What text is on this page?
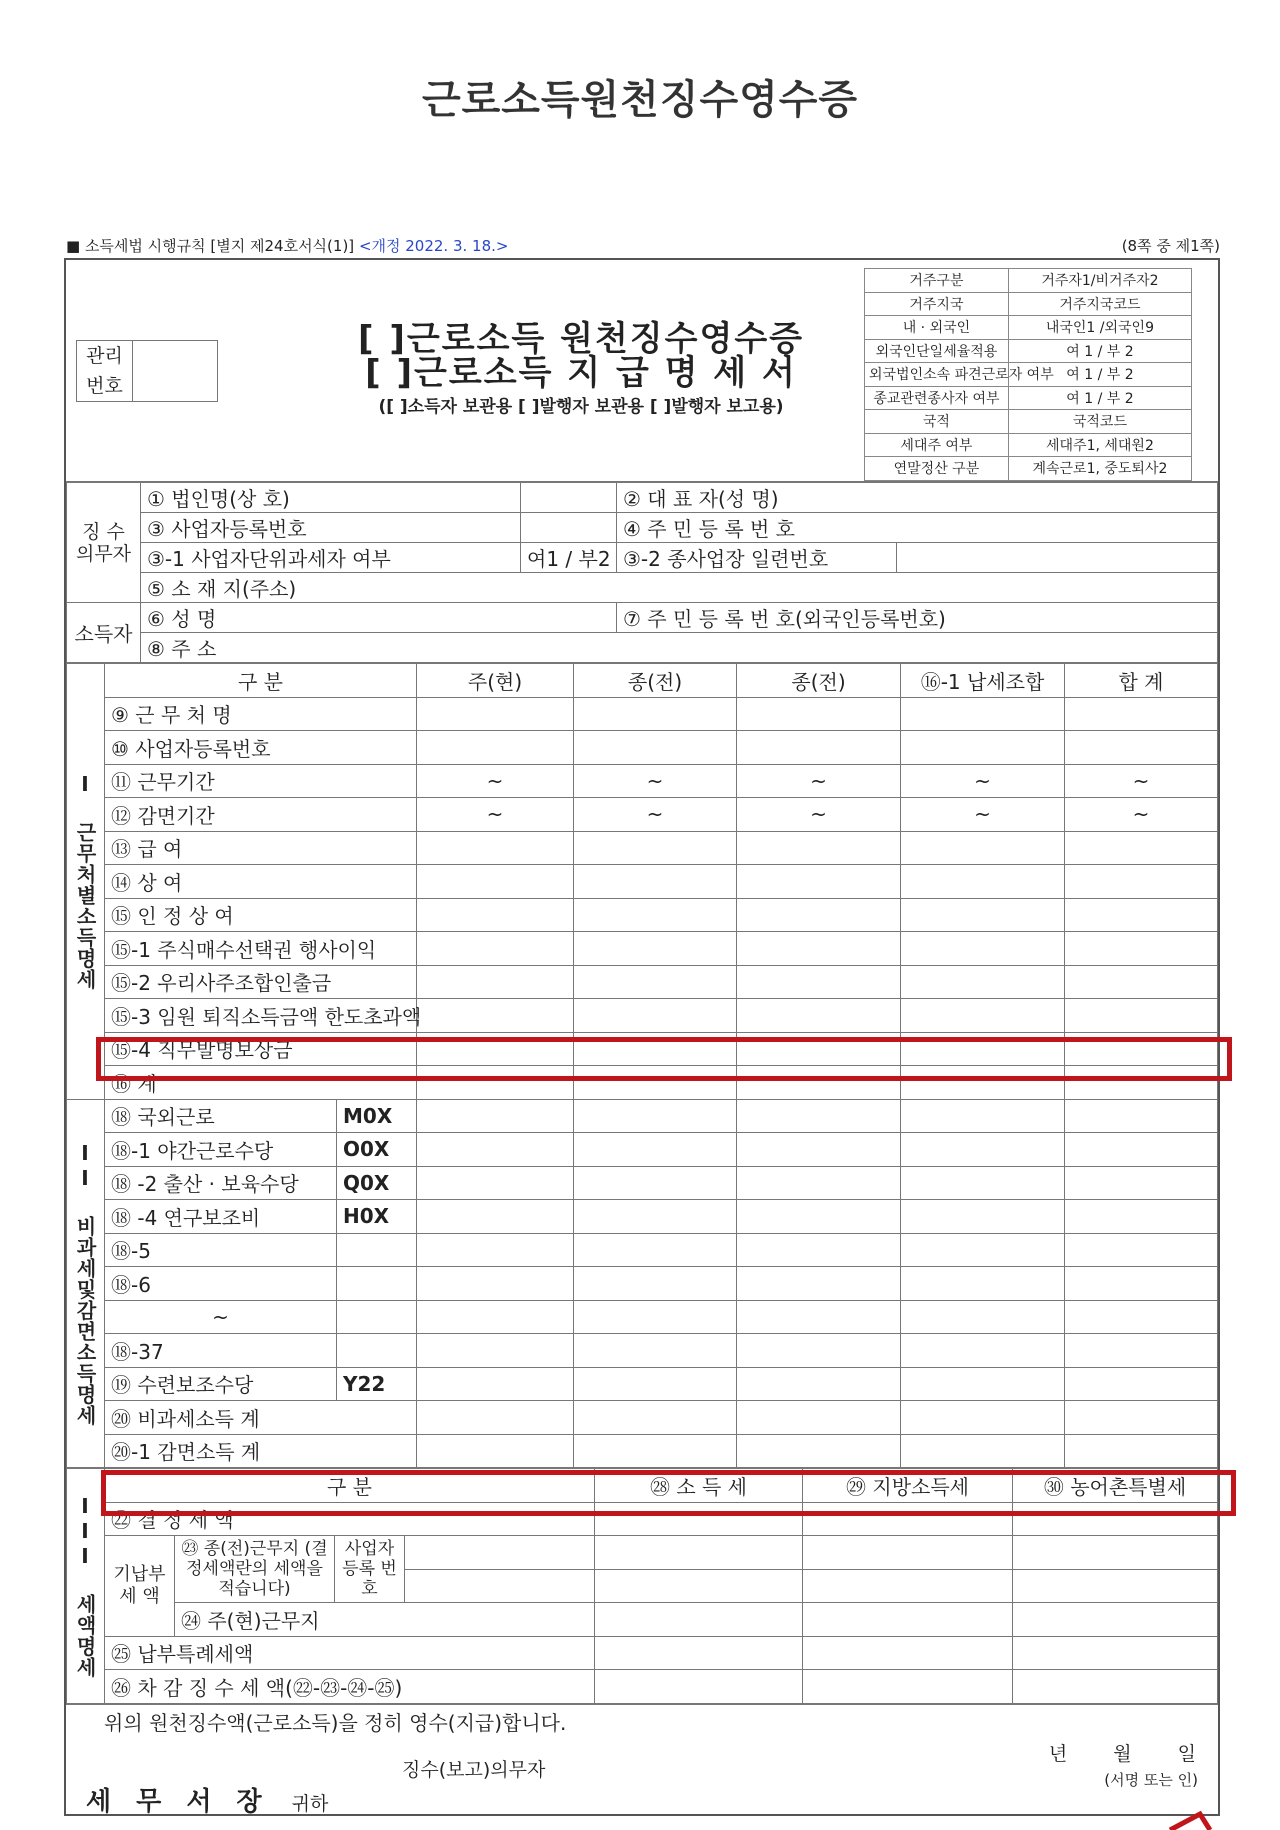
근로소득원천징수영수증
■ 소득세법 시행규칙 [별지 제24호서식(1)] <개정 2022. 3. 18.>	(8쪽 중 제1쪽)
관리
번호
[ ]근로소득 원천징수영수증
[ ]근로소득 지 급 명 세 서
([ ]소득자 보관용 [ ]발행자 보관용 [ ]발행자 보고용)
거주구분	거주자1/비거주자2
거주지국	거주지국코드
내 · 외국인	내국인1 /외국인9
외국인단일세율적용	여 1 / 부 2
외국법인소속 파견근로자 여부	여 1 / 부 2
종교관련종사자 여부	여 1 / 부 2
국적	국적코드
세대주 여부	세대주1, 세대원2
연말정산 구분	계속근로1, 중도퇴사2
징 수 의무자	① 법인명(상 호)		② 대 표 자(성 명)	
	③ 사업자등록번호		④ 주 민 등 록 번 호	
	③-1 사업자단위과세자 여부	여1 / 부2	③-2 종사업장 일련번호	
	⑤ 소 재 지(주소)			
소득자	⑥ 성 명		⑦ 주 민 등 록 번 호(외국인등록번호)	
	⑧ 주 소			
I 근무처별소득명세	구 분		주(현)	종(전)	종(전)	⑯-1 납세조합	합 계
	⑨ 근 무 처 명						
	⑩ 사업자등록번호						
	⑪ 근무기간		~	~	~	~	~
	⑫ 감면기간		~	~	~	~	~
	⑬ 급 여						
	⑭ 상 여						
	⑮ 인 정 상 여						
	⑮-1 주식매수선택권 행사이익						
	⑮-2 우리사주조합인출금						
	⑮-3 임원 퇴직소득금액 한도초과액						
	⑮-4 직무발명보상금						
	⑯ 계						
II 비과세및감면소득명세	⑱ 국외근로	M0X					
	⑱-1 야간근로수당	O0X					
	⑱ -2 출산 · 보육수당	Q0X					
	⑱ -4 연구보조비	H0X					
	⑱-5						
	⑱-6						
	~						
	⑱-37						
	⑲ 수련보조수당	Y22					
	⑳ 비과세소득 계						
	⑳-1 감면소득 계						
III 세액명세	구 분				㉘ 소 득 세	㉙ 지방소득세	㉚ 농어촌특별세
	㉒ 결 정 세 액						
	기납부 세 액	㉓ 종(전)근무지 (결정세액란의 세액을 적습니다)	사업자 등록 번호				

		㉔ 주(현)근무지					
	㉕ 납부특례세액						
	㉖ 차 감 징 수 세 액(㉒-㉓-㉔-㉕)						
위의 원천징수액(근로소득)을 정히 영수(지급)합니다.
년 월 일
(서명 또는 인)
징수(보고)의무자
세 무 서 장 귀하
